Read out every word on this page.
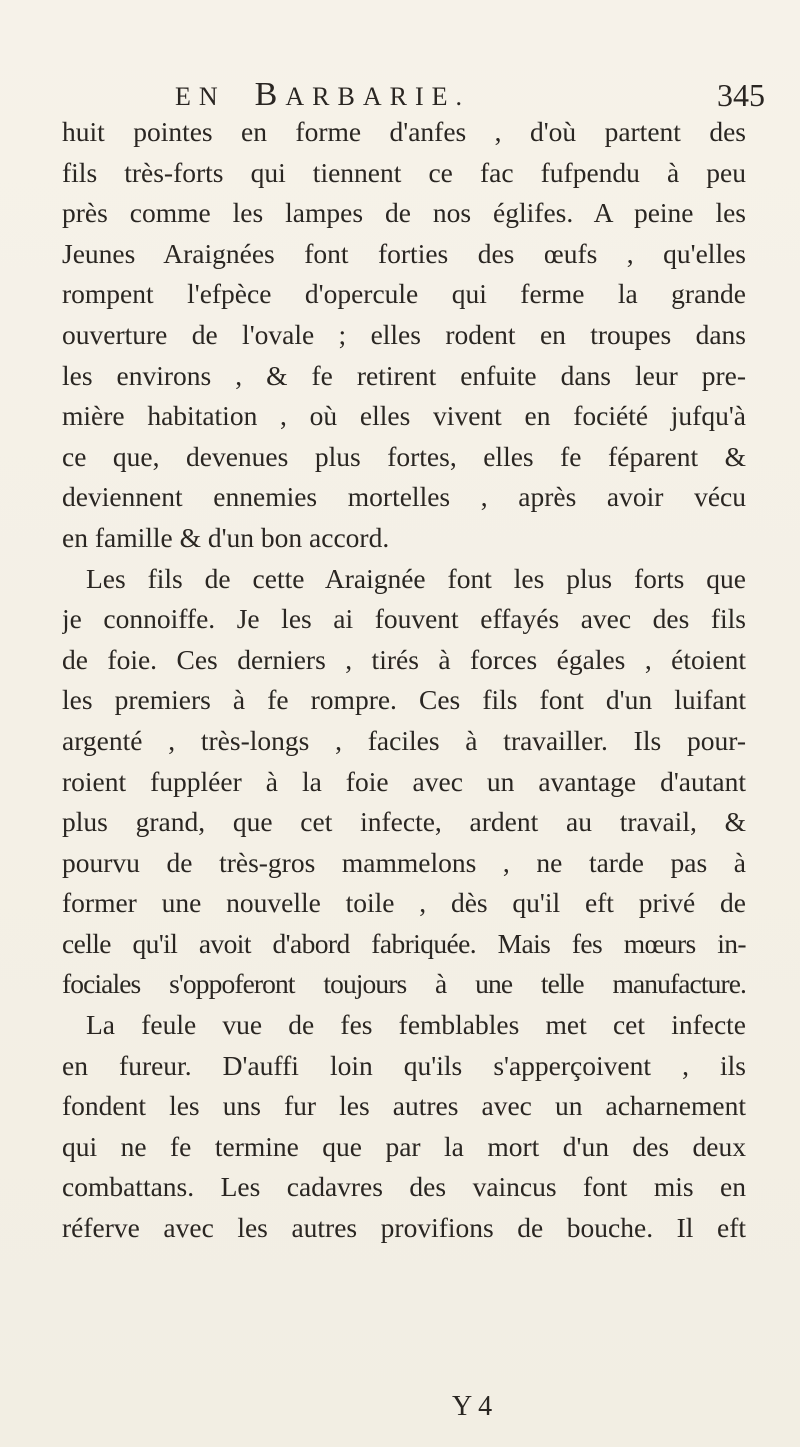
EN BARBARIE.	345
huit pointes en forme d'anfes , d'où partent des
fils très-forts qui tiennent ce fac fufpendu à peu
près comme les lampes de nos églifes. A peine les
Jeunes Araignées font forties des œufs , qu'elles
rompent l'efpèce d'opercule qui ferme la grande
ouverture de l'ovale ; elles rodent en troupes dans
les environs , & fe retirent enfuite dans leur pre-
mière habitation , où elles vivent en fociété jufqu'à
ce que, devenues plus fortes, elles fe féparent &
deviennent ennemies mortelles , après avoir vécu
en famille & d'un bon accord.
Les fils de cette Araignée font les plus forts que
je connoiffe. Je les ai fouvent effayés avec des fils
de foie. Ces derniers , tirés à forces égales , étoient
les premiers à fe rompre. Ces fils font d'un luifant
argenté , très-longs , faciles à travailler. Ils pour-
roient fuppléer à la foie avec un avantage d'autant
plus grand, que cet infecte, ardent au travail, &
pourvu de très-gros mammelons , ne tarde pas à
former une nouvelle toile , dès qu'il eft privé de
celle qu'il avoit d'abord fabriquée. Mais fes mœurs in-
fociales s'oppoferont toujours à une telle manufacture.
La feule vue de fes femblables met cet infecte
en fureur. D'auffi loin qu'ils s'apperçoivent , ils
fondent les uns fur les autres avec un acharnement
qui ne fe termine que par la mort d'un des deux
combattans. Les cadavres des vaincus font mis en
réferve avec les autres provifions de bouche. Il eft
Y 4
